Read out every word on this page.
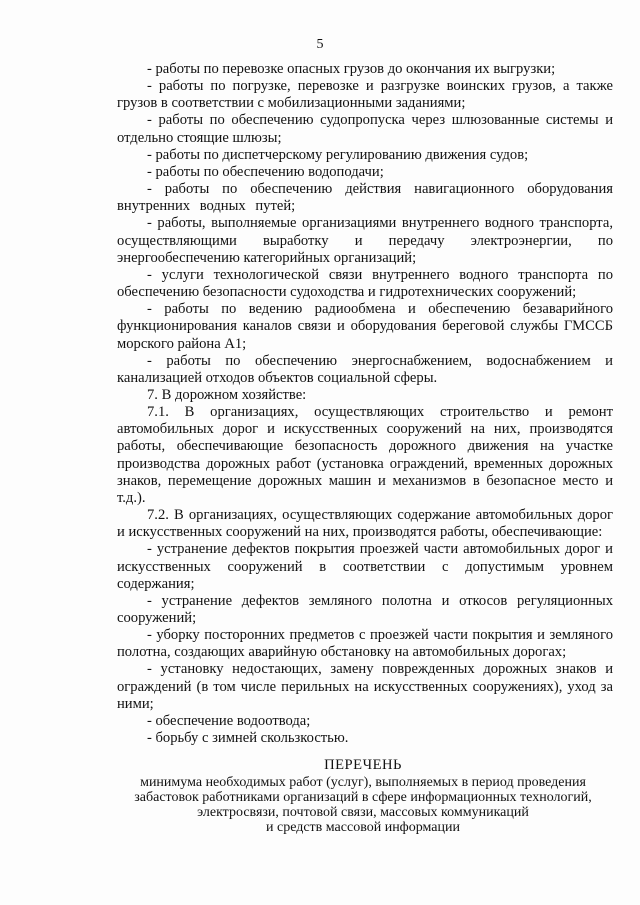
5

- работы по перевозке опасных грузов до окончания их выгрузки;

- работы по погрузке, перевозке и разгрузке воинских грузов, а также грузов в соответствии с мобилизационными заданиями;

- работы по обеспечению судопропуска через шлюзованные системы и отдельно стоящие шлюзы;

- работы по диспетчерскому регулированию движения судов;

- работы по обеспечению водоподачи;

- работы по обеспечению действия навигационного оборудования внутренних водных путей;

- работы, выполняемые организациями внутреннего водного транспорта, осуществляющими выработку и передачу электроэнергии, по энергообеспечению категорийных организаций;

- услуги технологической связи внутреннего водного транспорта по обеспечению безопасности судоходства и гидротехнических сооружений;

- работы по ведению радиообмена и обеспечению безаварийного функционирования каналов связи и оборудования береговой службы ГМССБ морского района А1;

- работы по обеспечению энергоснабжением, водоснабжением и канализацией отходов объектов социальной сферы.

7. В дорожном хозяйстве:

7.1. В организациях, осуществляющих строительство и ремонт автомобильных дорог и искусственных сооружений на них, производятся работы, обеспечивающие безопасность дорожного движения на участке производства дорожных работ (установка ограждений, временных дорожных знаков, перемещение дорожных машин и механизмов в безопасное место и т.д.).

7.2. В организациях, осуществляющих содержание автомобильных дорог и искусственных сооружений на них, производятся работы, обеспечивающие:

- устранение дефектов покрытия проезжей части автомобильных дорог и искусственных сооружений в соответствии с допустимым уровнем содержания;

- устранение дефектов земляного полотна и откосов регуляционных сооружений;

- уборку посторонних предметов с проезжей части покрытия и земляного полотна, создающих аварийную обстановку на автомобильных дорогах;

- установку недостающих, замену поврежденных дорожных знаков и ограждений (в том числе перильных на искусственных сооружениях), уход за ними;

- обеспечение водоотвода;

- борьбу с зимней скользкостью.

ПЕРЕЧЕНЬ
минимума необходимых работ (услуг), выполняемых в период проведения
забастовок работниками организаций в сфере информационных технологий,
электросвязи, почтовой связи, массовых коммуникаций
и средств массовой информации
